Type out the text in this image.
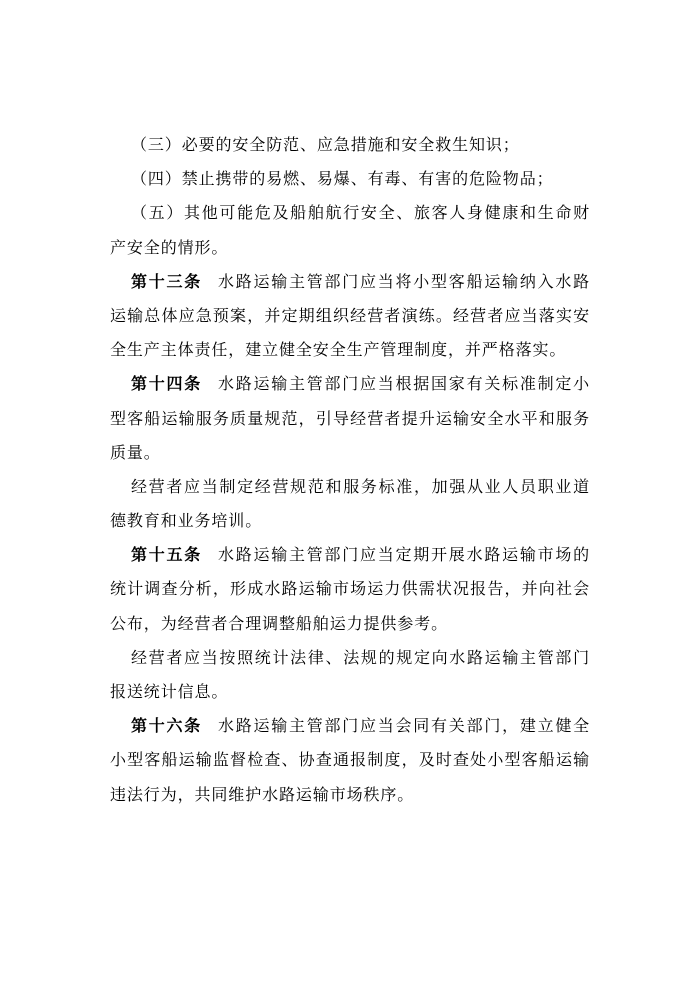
（三）必要的安全防范、应急措施和安全救生知识；
（四）禁止携带的易燃、易爆、有毒、有害的危险物品；
（五）其他可能危及船舶航行安全、旅客人身健康和生命财
产安全的情形。
第十三条 水路运输主管部门应当将小型客船运输纳入水路
运输总体应急预案，并定期组织经营者演练。经营者应当落实安
全生产主体责任，建立健全安全生产管理制度，并严格落实。
第十四条 水路运输主管部门应当根据国家有关标准制定小
型客船运输服务质量规范，引导经营者提升运输安全水平和服务
质量。
经营者应当制定经营规范和服务标准，加强从业人员职业道
德教育和业务培训。
第十五条 水路运输主管部门应当定期开展水路运输市场的
统计调查分析，形成水路运输市场运力供需状况报告，并向社会
公布，为经营者合理调整船舶运力提供参考。
经营者应当按照统计法律、法规的规定向水路运输主管部门
报送统计信息。
第十六条 水路运输主管部门应当会同有关部门，建立健全
小型客船运输监督检查、协查通报制度，及时查处小型客船运输
违法行为，共同维护水路运输市场秩序。
